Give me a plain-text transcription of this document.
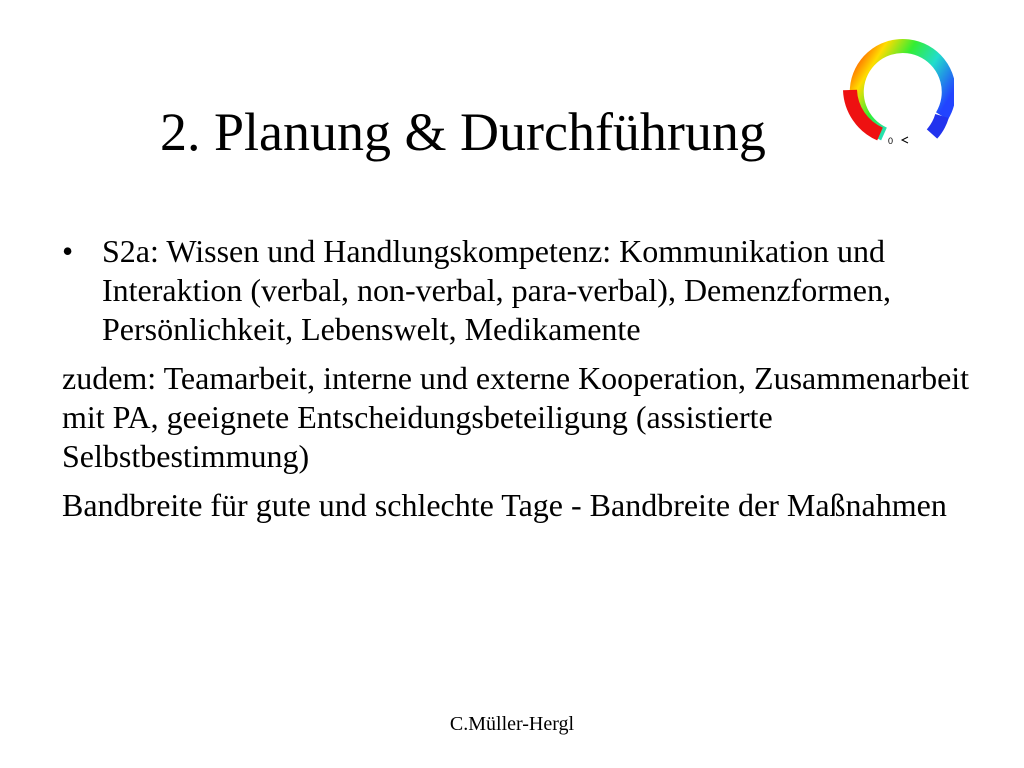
2. Planung & Durchführung	0
• S2a: Wissen und Handlungskompetenz: Kommunikation und Interaktion (verbal, non-verbal, para-verbal), Demenzformen, Persönlichkeit, Lebenswelt, Medikamente
zudem: Teamarbeit, interne und externe Kooperation, Zusammenarbeit mit PA, geeignete Entscheidungsbeteiligung (assistierte Selbstbestimmung)
Bandbreite für gute und schlechte Tage - Bandbreite der Maßnahmen
C.Müller-Hergl
